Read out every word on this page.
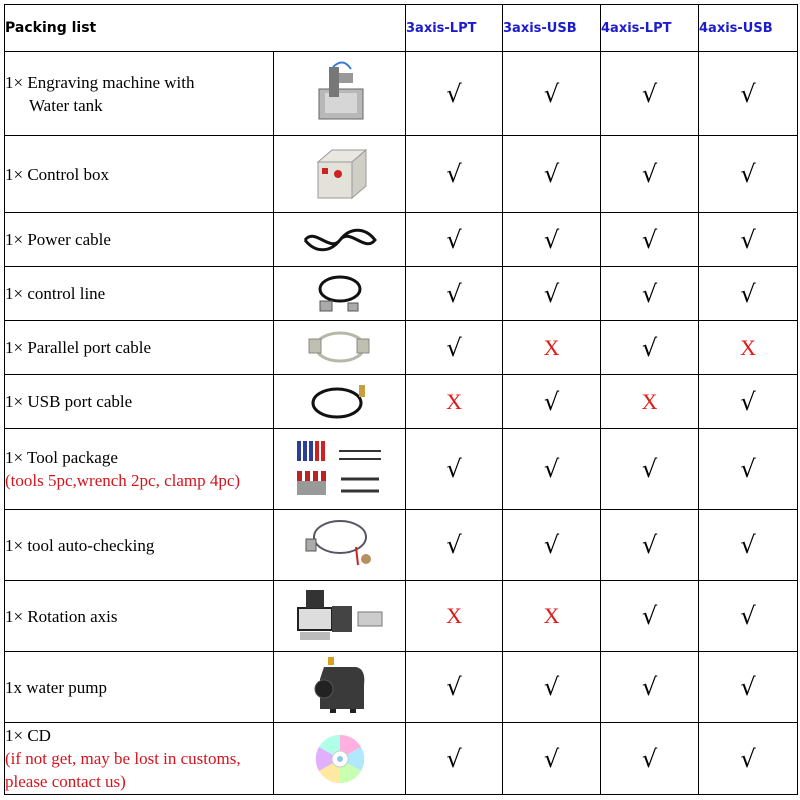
Packing list		3axis-LPT	3axis-USB	4axis-LPT	4axis-USB

1× Engraving machine with
Water tank		√	√	√	√

1× Control box		√	√	√	√

1× Power cable		√	√	√	√

1× control line		√	√	√	√

1× Parallel port cable		√	X	√	X

1× USB port cable		X	√	X	√

1× Tool package
(tools 5pc,wrench 2pc, clamp 4pc)		√	√	√	√

1× tool auto-checking		√	√	√	√

1× Rotation axis		X	X	√	√

1x water pump		√	√	√	√

1× CD
(if not get, may be lost in customs, please contact us)		√	√	√	√
